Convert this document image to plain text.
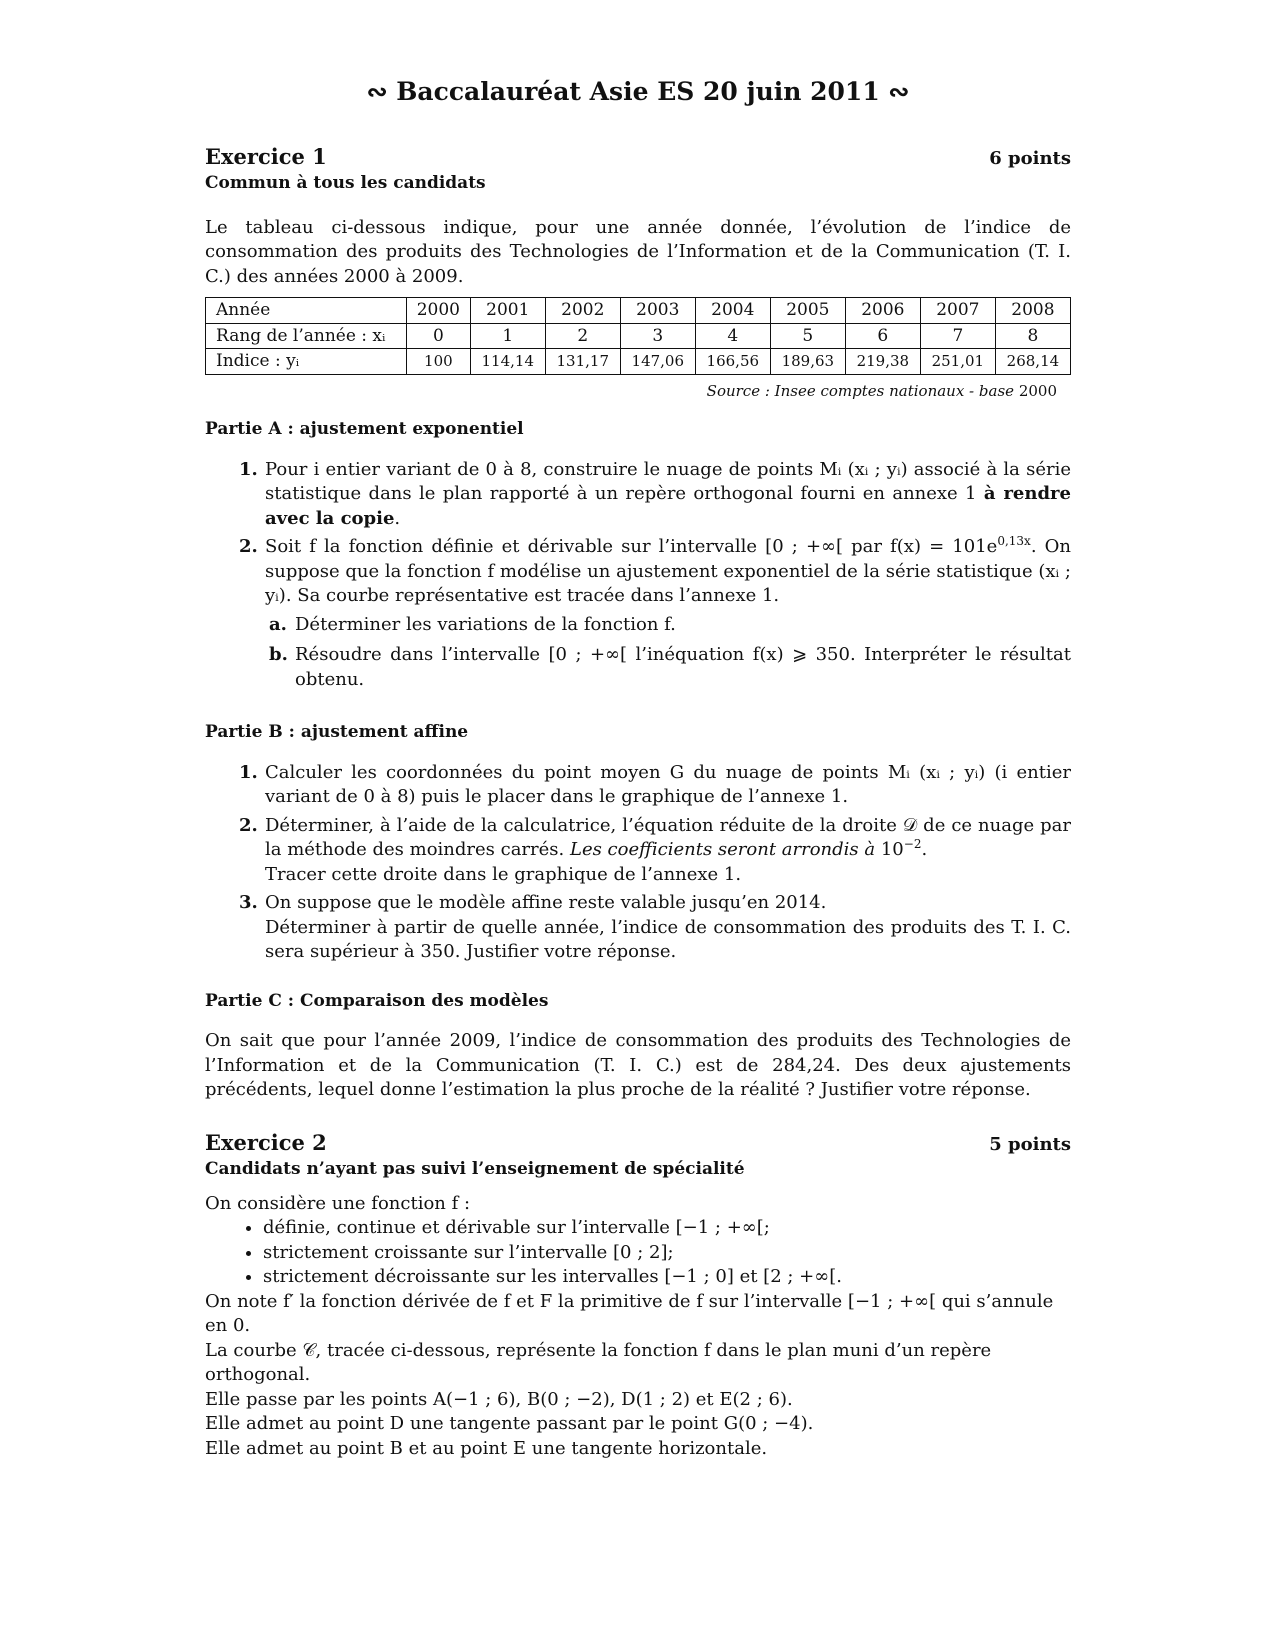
∾ Baccalauréat Asie ES 20 juin 2011 ∾
Exercice 1	6 points
Commun à tous les candidats

Le tableau ci-dessous indique, pour une année donnée, l’évolution de l’indice de consommation des produits des Technologies de l’Information et de la Communication (T. I. C.) des années 2000 à 2009.

Année	2000	2001	2002	2003	2004	2005	2006	2007	2008
Rang de l’année : xᵢ	0	1	2	3	4	5	6	7	8
Indice : yᵢ	100	114,14	131,17	147,06	166,56	189,63	219,38	251,01	268,14
Source : Insee comptes nationaux - base 2000
Partie A : ajustement exponentiel
1. Pour i entier variant de 0 à 8, construire le nuage de points Mᵢ (xᵢ ; yᵢ) associé à la série statistique dans le plan rapporté à un repère orthogonal fourni en annexe 1 à rendre avec la copie.
2. Soit f la fonction définie et dérivable sur l’intervalle [0 ; +∞[ par $f(x) = 101e^{0,13x}$. On suppose que la fonction f modélise un ajustement exponentiel de la série statistique (xᵢ ; yᵢ). Sa courbe représentative est tracée dans l’annexe 1.
a. Déterminer les variations de la fonction f.
b. Résoudre dans l’intervalle [0 ; +∞[ l’inéquation f(x) ⩾ 350. Interpréter le résultat obtenu.
Partie B : ajustement affine
1. Calculer les coordonnées du point moyen G du nuage de points Mᵢ (xᵢ ; yᵢ) (i entier variant de 0 à 8) puis le placer dans le graphique de l’annexe 1.
2. Déterminer, à l’aide de la calculatrice, l’équation réduite de la droite 𝒟 de ce nuage par la méthode des moindres carrés. Les coefficients seront arrondis à $10^{-2}$.
Tracer cette droite dans le graphique de l’annexe 1.
3. On suppose que le modèle affine reste valable jusqu’en 2014.
Déterminer à partir de quelle année, l’indice de consommation des produits des T. I. C. sera supérieur à 350. Justifier votre réponse.
Partie C : Comparaison des modèles

On sait que pour l’année 2009, l’indice de consommation des produits des Technologies de l’Information et de la Communication (T. I. C.) est de 284,24. Des deux ajustements précédents, lequel donne l’estimation la plus proche de la réalité ? Justifier votre réponse.

Exercice 2	5 points
Candidats n’ayant pas suivi l’enseignement de spécialité

On considère une fonction f :

• définie, continue et dérivable sur l’intervalle [−1 ; +∞[;
• strictement croissante sur l’intervalle [0 ; 2];
• strictement décroissante sur les intervalles [−1 ; 0] et [2 ; +∞[.

On note f′ la fonction dérivée de f et F la primitive de f sur l’intervalle [−1 ; +∞[ qui s’annule en 0.

La courbe 𝒞, tracée ci-dessous, représente la fonction f dans le plan muni d’un repère orthogonal.

Elle passe par les points A(−1 ; 6), B(0 ; −2), D(1 ; 2) et E(2 ; 6).

Elle admet au point D une tangente passant par le point G(0 ; −4).

Elle admet au point B et au point E une tangente horizontale.
